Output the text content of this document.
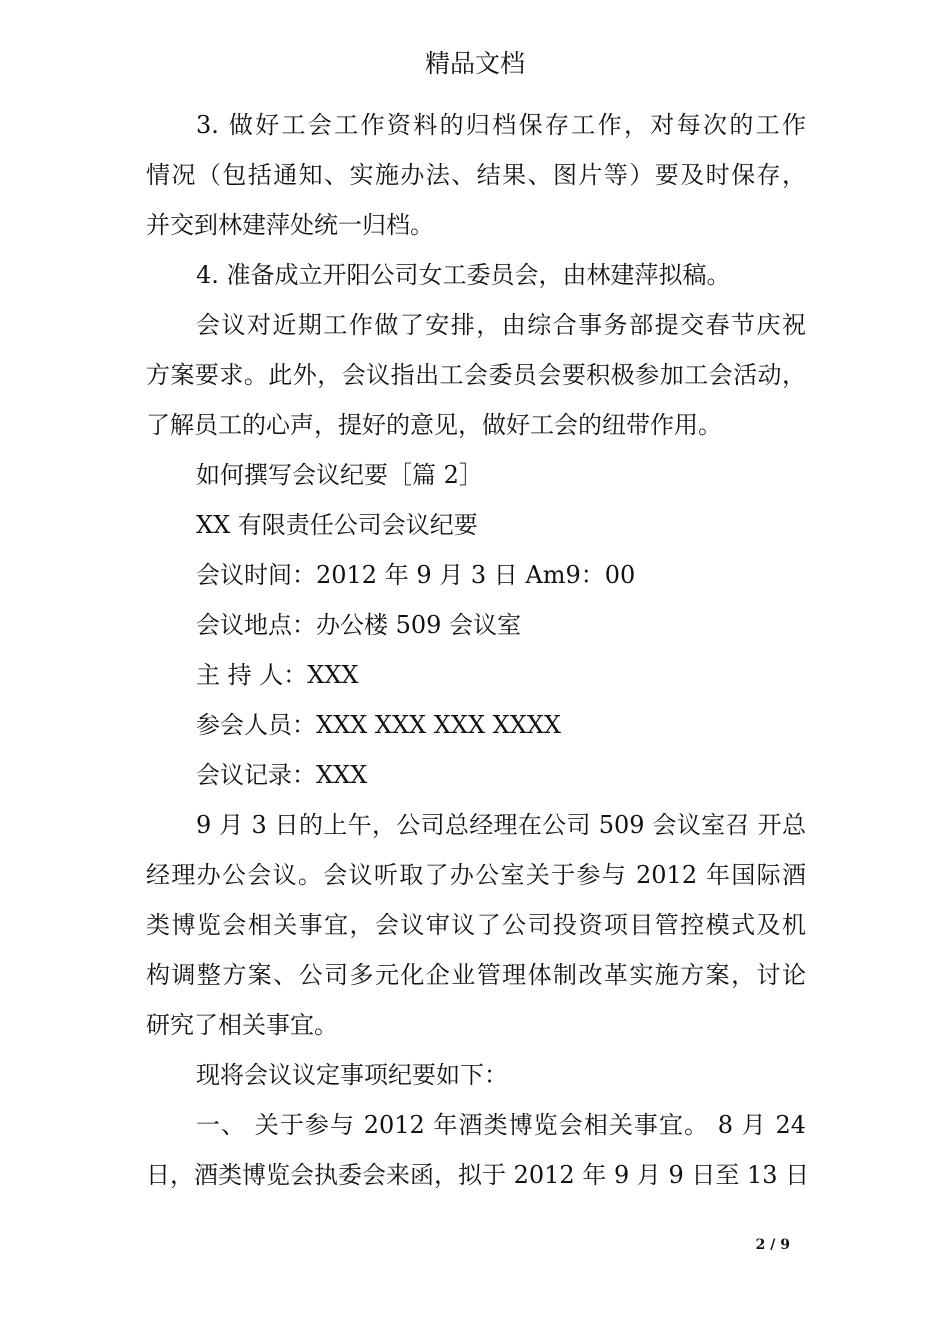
精品文档
3. 做好工会工作资料的归档保存工作，对每次的工作
情况（包括通知、实施办法、结果、图片等）要及时保存，
并交到林建萍处统一归档。
4. 准备成立开阳公司女工委员会，由林建萍拟稿。
会议对近期工作做了安排，由综合事务部提交春节庆祝
方案要求。此外，会议指出工会委员会要积极参加工会活动，
了解员工的心声，提好的意见，做好工会的纽带作用。
如何撰写会议纪要［篇 2］
XX 有限责任公司会议纪要
会议时间：2012 年 9 月 3 日 Am9：00
会议地点：办公楼 509 会议室
主 持 人：XXX
参会人员：XXX XXX XXX XXXX
会议记录：XXX
9 月 3 日的上午，公司总经理在公司 509 会议室召 开总
经理办公会议。会议听取了办公室关于参与 2012 年国际酒
类博览会相关事宜，会议审议了公司投资项目管控模式及机
构调整方案、公司多元化企业管理体制改革实施方案，讨论
研究了相关事宜。
现将会议议定事项纪要如下：
一、 关于参与 2012 年酒类博览会相关事宜。 8 月 24
日，酒类博览会执委会来函，拟于 2012 年 9 月 9 日至 13 日
2 / 9
